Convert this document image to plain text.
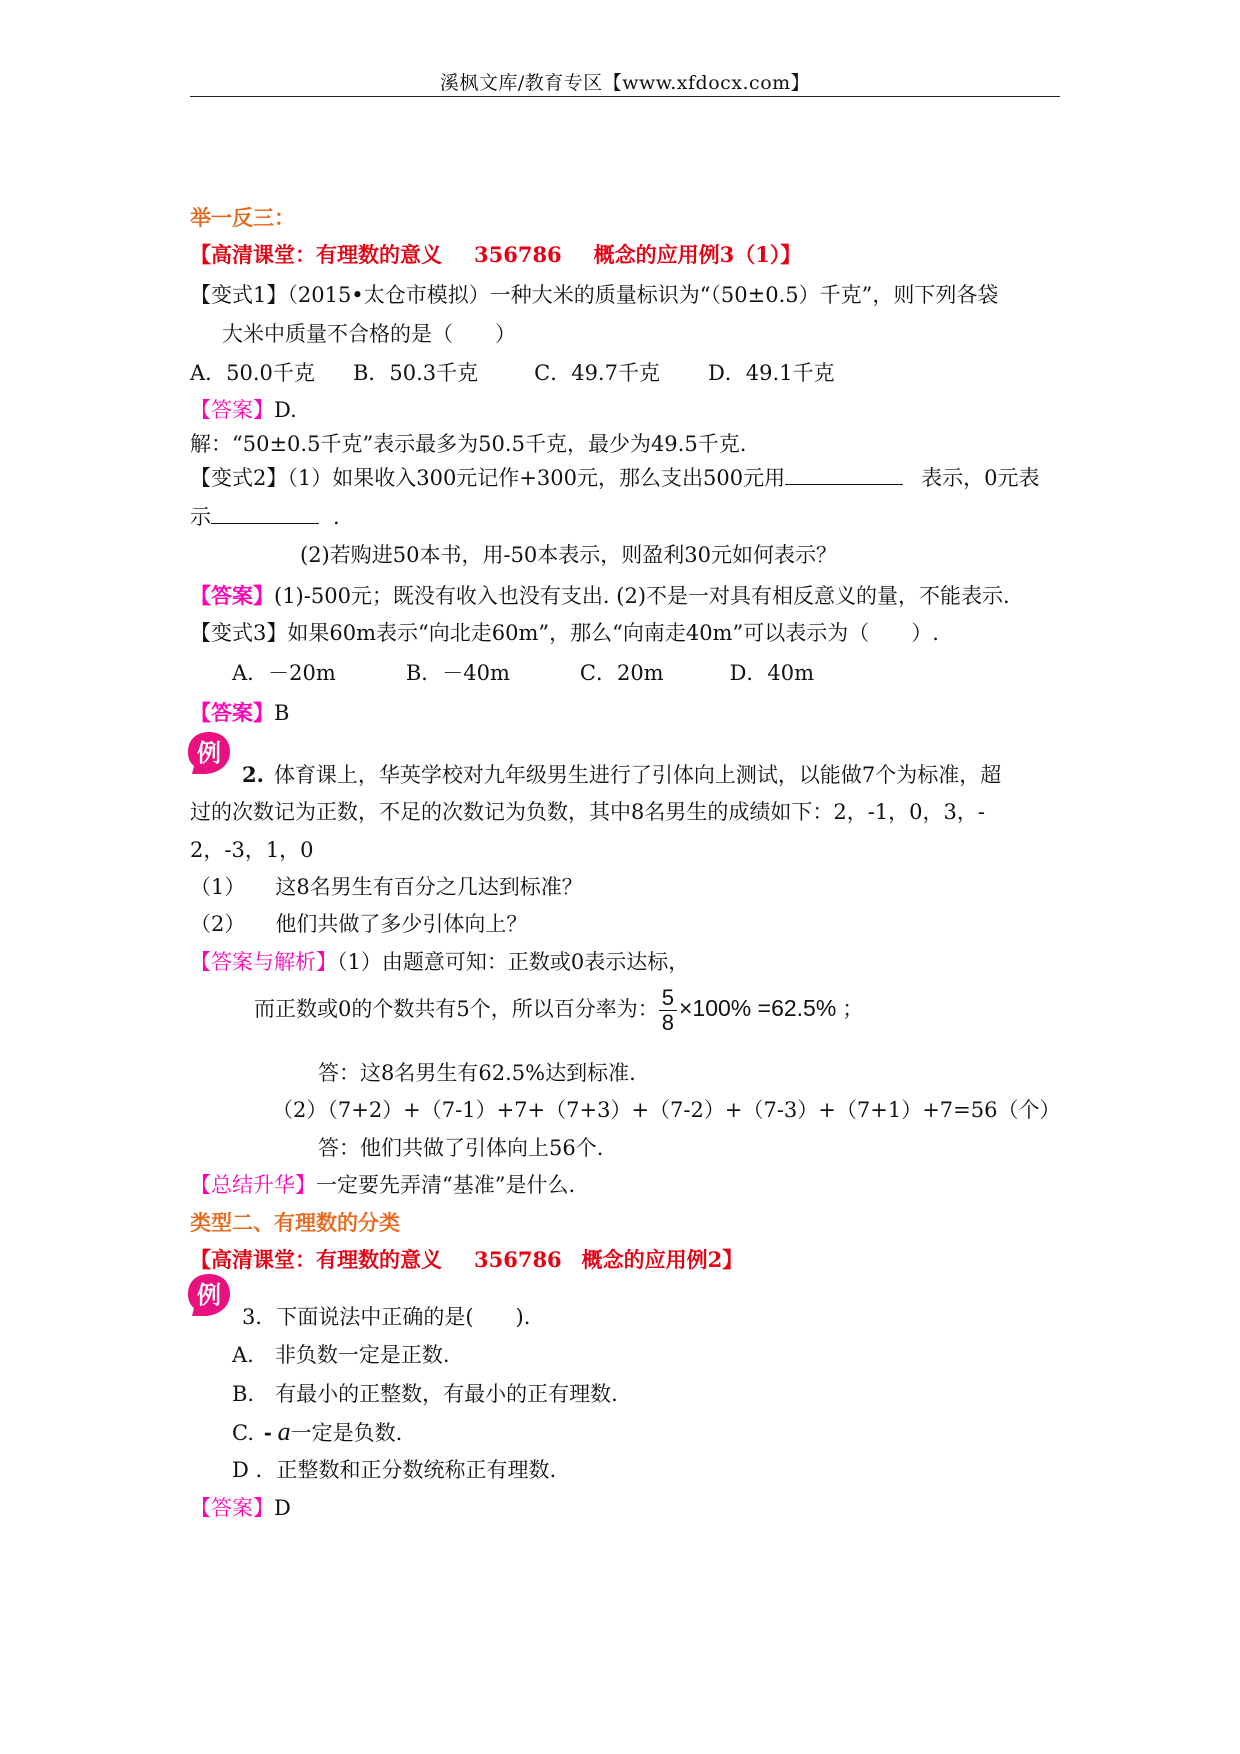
溪枫文库/教育专区【www.xfdocx.com】
举一反三：
【高清课堂：有理数的意义 356786 概念的应用例3（1）】
【变式1】（2015•太仓市模拟）一种大米的质量标识为“（50±0.5）千克”，则下列各袋
大米中质量不合格的是（　　）
A．50.0千克 B．50.3千克	C．49.7千克 D．49.1千克
【答案】D.
解：“50±0.5千克”表示最多为50.5千克，最少为49.5千克.
【变式2】（1）如果收入300元记作+300元，那么支出500元用	表示，0元表
示	.
(2)若购进50本书，用-50本表示，则盈利30元如何表示？
【答案】(1)-500元；既没有收入也没有支出. (2)不是一对具有相反意义的量，不能表示.
【变式3】如果60m表示“向北走60m”，那么“向南走40m”可以表示为（　　）.
A．－20m	B．－40m	C．20m	D．40m
【答案】B
例
2. 体育课上，华英学校对九年级男生进行了引体向上测试，以能做7个为标准，超
过的次数记为正数，不足的次数记为负数，其中8名男生的成绩如下：2，-1，0，3，-
2，-3，1，0
（1） 这8名男生有百分之几达到标准？
（2） 他们共做了多少引体向上？
【答案与解析】（1）由题意可知：正数或0表示达标，
而正数或0的个数共有5个，所以百分率为： $\frac{5}{8} \times 100\% =62.5\%$ ；
答：这8名男生有62.5%达到标准.
（2）（7+2）+（7-1）+7+（7+3）+（7-2）+（7-3）+（7+1）+7=56（个）
答：他们共做了引体向上56个.
【总结升华】一定要先弄清“基准”是什么.
类型二、有理数的分类
【高清课堂：有理数的意义 356786 概念的应用例2】
例
3．下面说法中正确的是(　　).
A.　非负数一定是正数.
B.　有最小的正整数，有最小的正有理数.
C. - a一定是负数.
D ．正整数和正分数统称正有理数.
【答案】D
